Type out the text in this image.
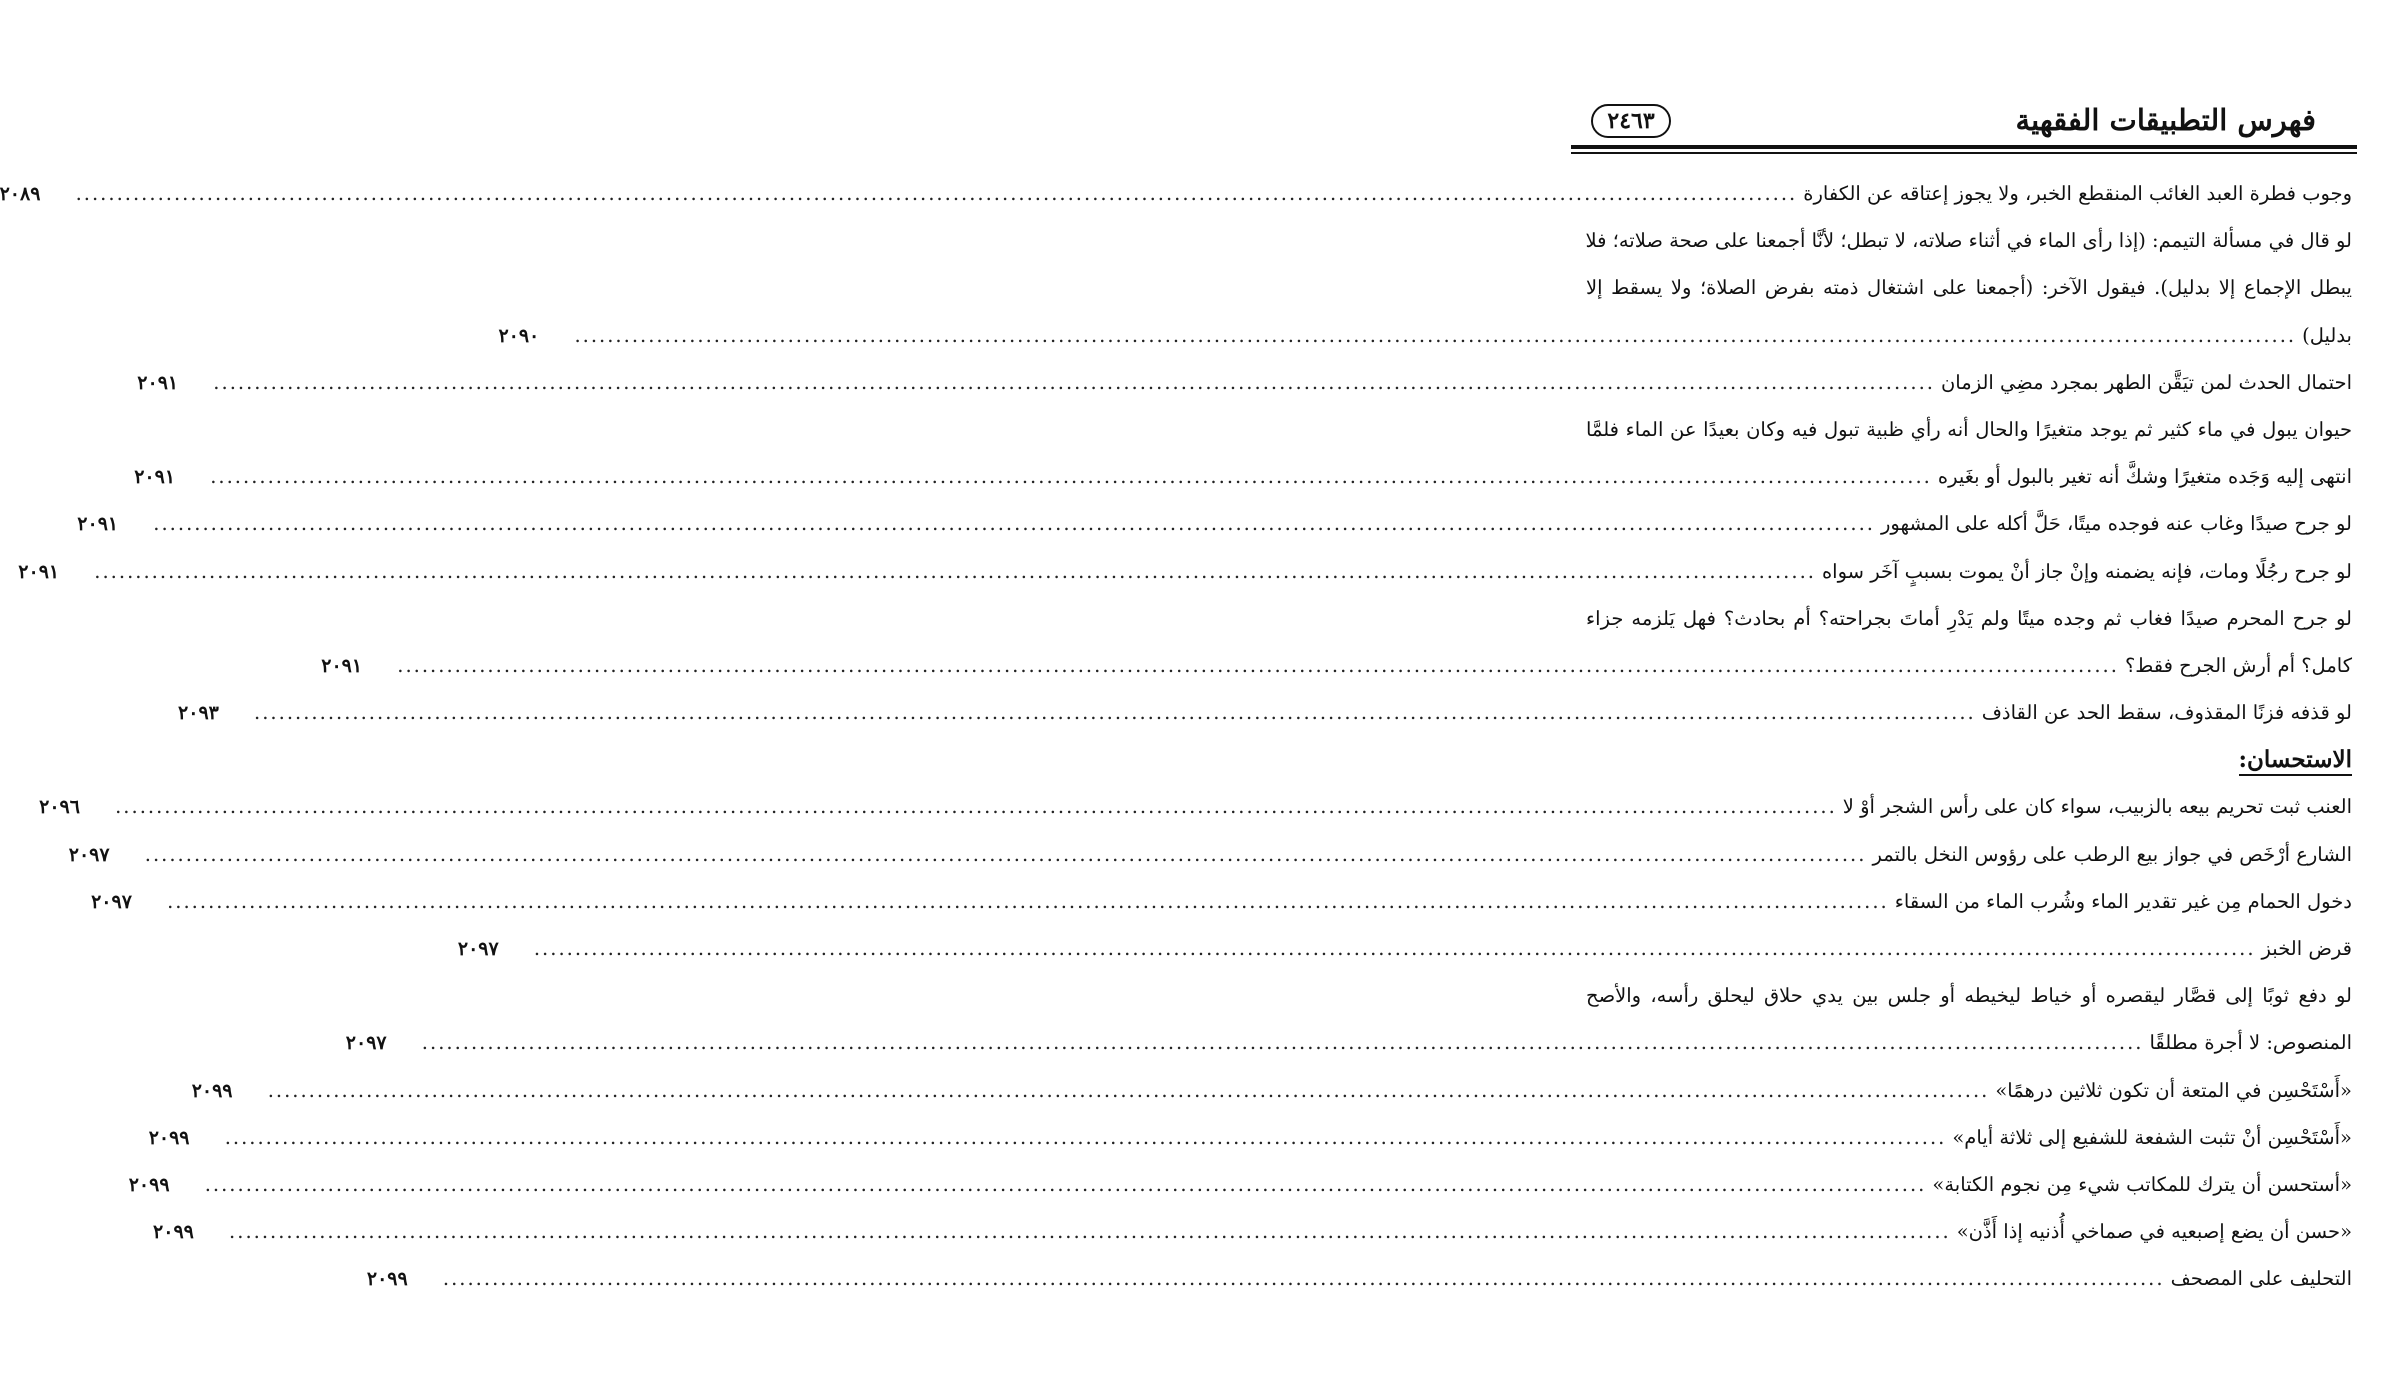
فهرس التطبيقات الفقهية
٢٤٦٣
وجوب فطرة العبد الغائب المنقطع الخبر، ولا يجوز إعتاقه عن الكفارة
.....
٢٠٨٩
لو قال في مسألة التيمم: (إذا رأى الماء في أثناء صلاته، لا تبطل؛ لأنَّا أجمعنا على صحة صلاته؛ فلا
يبطل الإجماع إلا بدليل). فيقول الآخر: (أجمعنا على اشتغال ذمته بفرض الصلاة؛ ولا يسقط إلا
بدليل)
.....
٢٠٩٠
احتمال الحدث لمن تيَقَّن الطهر بمجرد مضِي الزمان
.....
٢٠٩١
حيوان يبول في ماء كثير ثم يوجد متغيرًا والحال أنه رأي ظبية تبول فيه وكان بعيدًا عن الماء فلمَّا
انتهى إليه وَجَده متغيرًا وشكَّ أنه تغير بالبول أو بغَيره
.....
٢٠٩١
لو جرح صيدًا وغاب عنه فوجده ميتًا، حَلَّ أكله على المشهور
.....
٢٠٩١
لو جرح رجُلًا ومات، فإنه يضمنه وإنْ جاز أنْ يموت بسببٍ آخَر سواه
.....
٢٠٩١
لو جرح المحرم صيدًا فغاب ثم وجده ميتًا ولم يَدْرِ أماتَ بجراحته؟ أم بحادث؟ فهل يَلزمه جزاء
كامل؟ أم أرش الجرح فقط؟
.....
٢٠٩١
لو قذفه فزنًا المقذوف، سقط الحد عن القاذف
.....
٢٠٩٣
الاستحسان:
العنب ثبت تحريم بيعه بالزبيب، سواء كان على رأس الشجر أوْ لا
.....
٢٠٩٦
الشارع أرْخَص في جواز بيع الرطب على رؤوس النخل بالتمر
.....
٢٠٩٧
دخول الحمام مِن غير تقدير الماء وشُرب الماء من السقاء
.....
٢٠٩٧
قرض الخبز
.....
٢٠٩٧
لو دفع ثوبًا إلى قصَّار ليقصره أو خياط ليخيطه أو جلس بين يدي حلاق ليحلق رأسه، والأصح
المنصوص: لا أجرة مطلقًا
.....
٢٠٩٧
«أَسْتَحْسِن في المتعة أن تكون ثلاثين درهمًا»
.....
٢٠٩٩
«أَسْتَحْسِن أنْ تثبت الشفعة للشفيع إلى ثلاثة أيام»
.....
٢٠٩٩
«أستحسن أن يترك للمكاتب شيء مِن نجوم الكتابة»
.....
٢٠٩٩
«حسن أن يضع إصبعيه في صماخي أُذنيه إذا أَذَّن»
.....
٢٠٩٩
التحليف على المصحف
.....
٢٠٩٩
